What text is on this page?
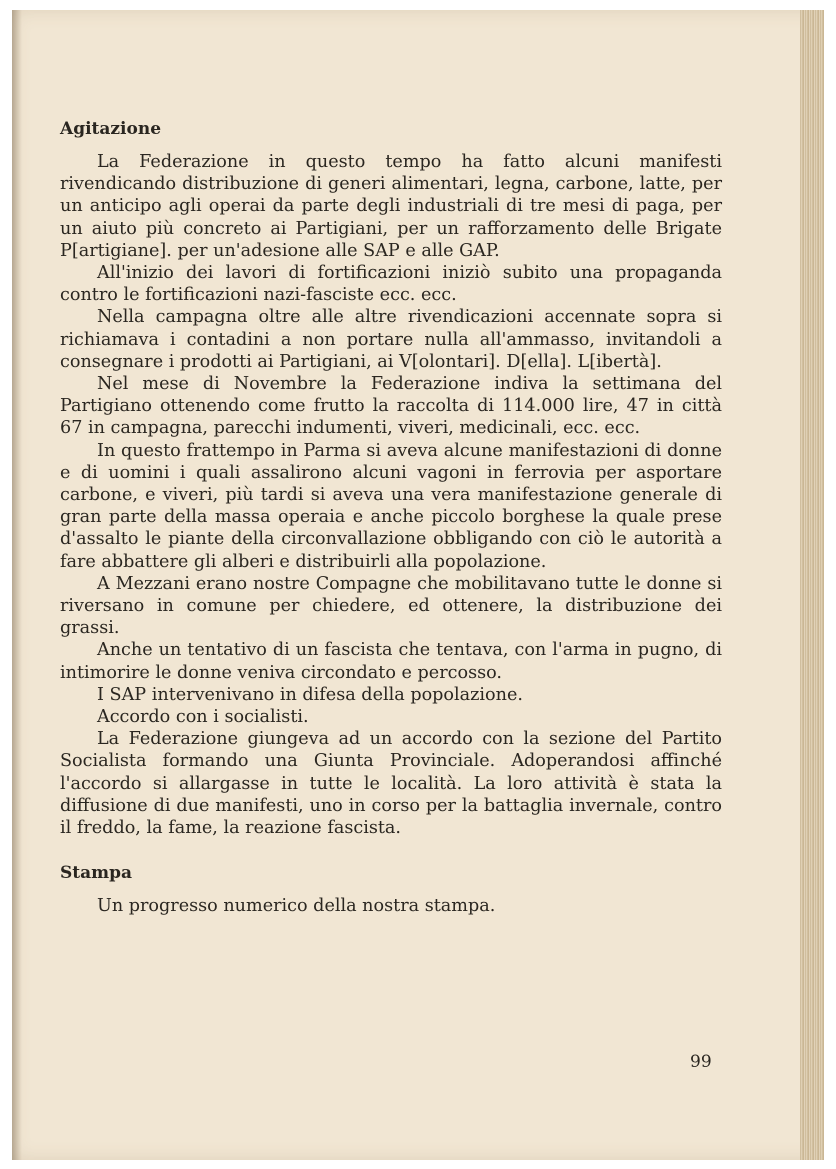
Agitazione

La Federazione in questo tempo ha fatto alcuni manifesti rivendicando distribuzione di generi alimentari, legna, carbone, latte, per un anticipo agli operai da parte degli industriali di tre mesi di paga, per un aiuto più concreto ai Partigiani, per un rafforzamento delle Brigate P[artigiane]. per un'adesione alle SAP e alle GAP.

All'inizio dei lavori di fortificazioni iniziò subito una propaganda contro le fortificazioni nazi-fasciste ecc. ecc.

Nella campagna oltre alle altre rivendicazioni accennate sopra si richiamava i contadini a non portare nulla all'ammasso, invitandoli a consegnare i prodotti ai Partigiani, ai V[olontari]. D[ella]. L[ibertà].

Nel mese di Novembre la Federazione indiva la settimana del Partigiano ottenendo come frutto la raccolta di 114.000 lire, 47 in città 67 in campagna, parecchi indumenti, viveri, medicinali, ecc. ecc.

In questo frattempo in Parma si aveva alcune manifestazioni di donne e di uomini i quali assalirono alcuni vagoni in ferrovia per asportare carbone, e viveri, più tardi si aveva una vera manifestazione generale di gran parte della massa operaia e anche piccolo borghese la quale prese d'assalto le piante della circonvallazione obbligando con ciò le autorità a fare abbattere gli alberi e distribuirli alla popolazione.

A Mezzani erano nostre Compagne che mobilitavano tutte le donne si riversano in comune per chiedere, ed ottenere, la distribuzione dei grassi.

Anche un tentativo di un fascista che tentava, con l'arma in pugno, di intimorire le donne veniva circondato e percosso.

I SAP intervenivano in difesa della popolazione.

Accordo con i socialisti.

La Federazione giungeva ad un accordo con la sezione del Partito Socialista formando una Giunta Provinciale. Adoperandosi affinché l'accordo si allargasse in tutte le località. La loro attività è stata la diffusione di due manifesti, uno in corso per la battaglia invernale, contro il freddo, la fame, la reazione fascista.

Stampa

Un progresso numerico della nostra stampa.

99
